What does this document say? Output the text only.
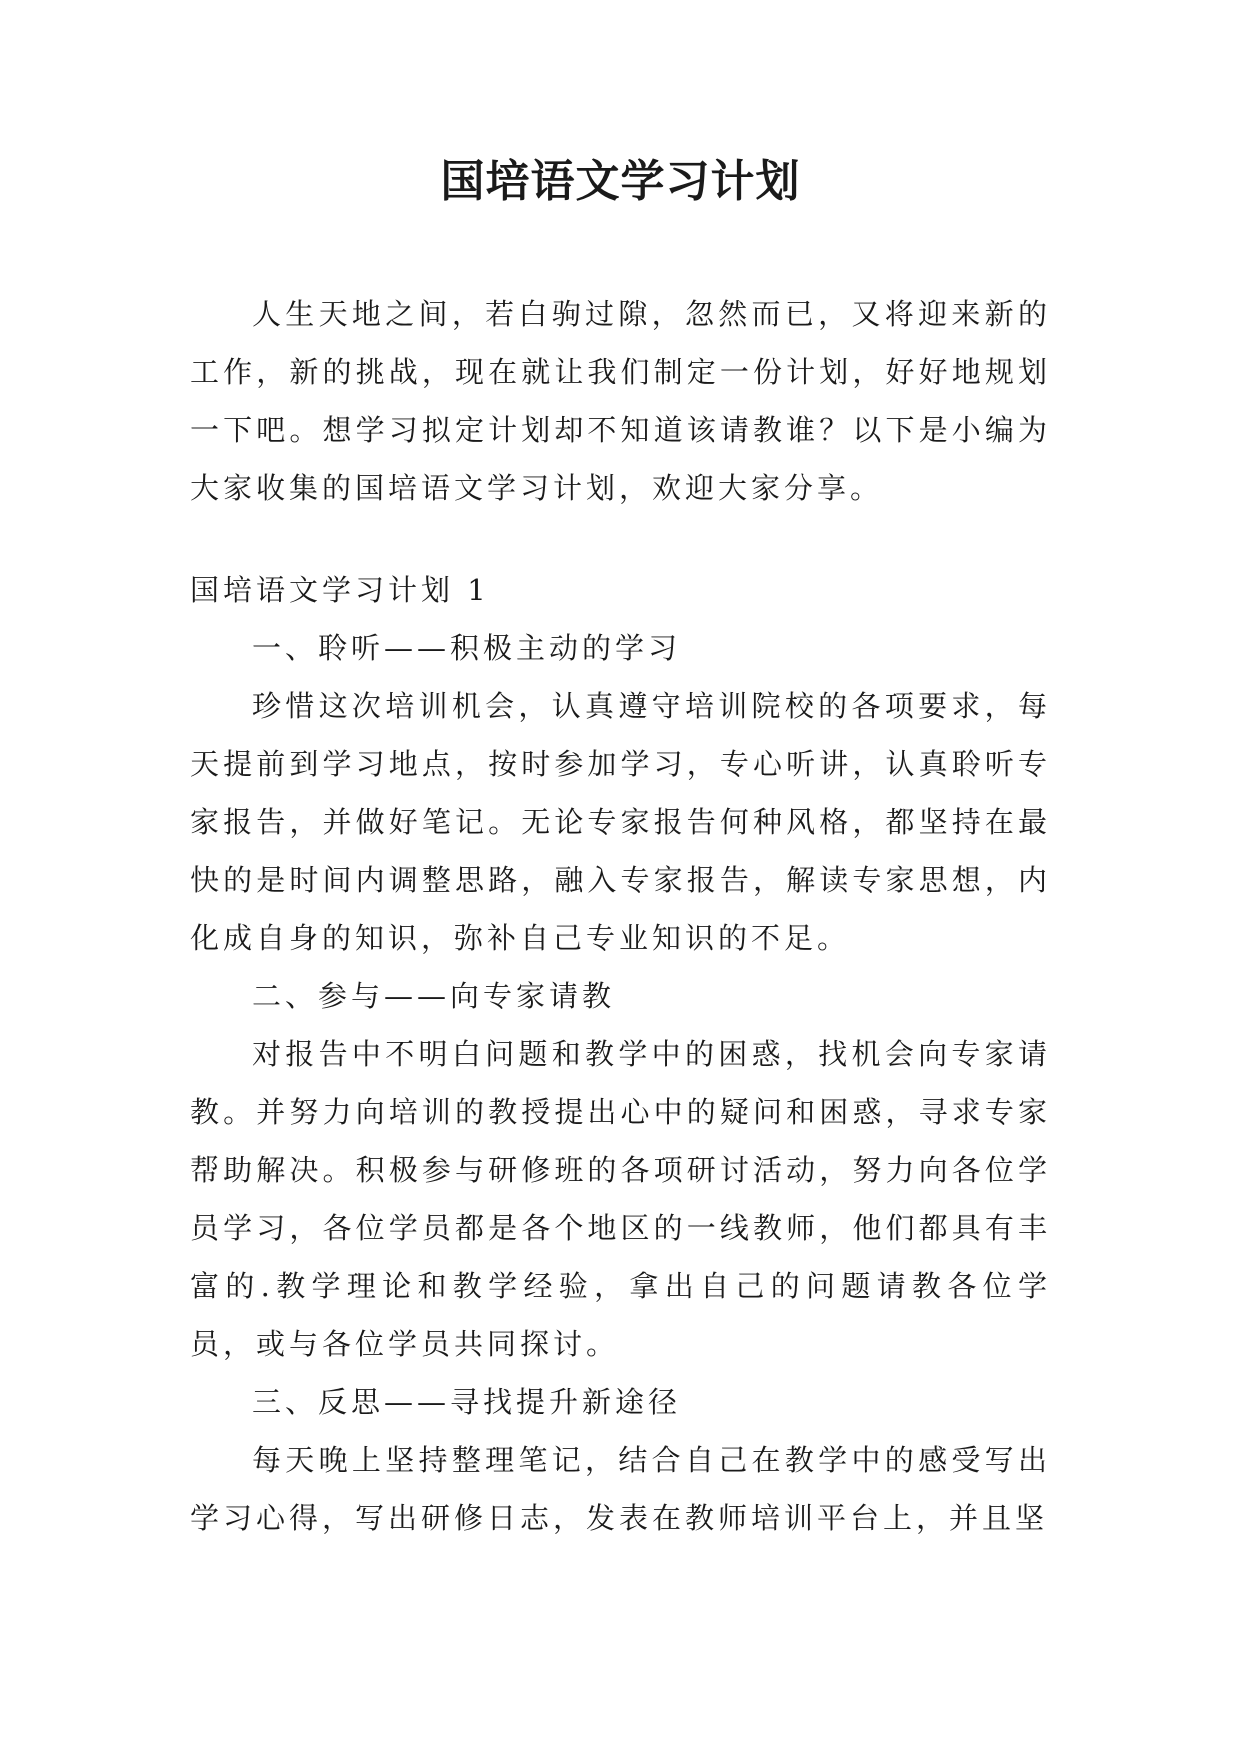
国培语文学习计划

人生天地之间，若白驹过隙，忽然而已，又将迎来新的工作，新的挑战，现在就让我们制定一份计划，好好地规划一下吧。想学习拟定计划却不知道该请教谁？以下是小编为大家收集的国培语文学习计划，欢迎大家分享。

国培语文学习计划 1

一、聆听——积极主动的学习

珍惜这次培训机会，认真遵守培训院校的各项要求，每天提前到学习地点，按时参加学习，专心听讲，认真聆听专家报告，并做好笔记。无论专家报告何种风格，都坚持在最快的是时间内调整思路，融入专家报告，解读专家思想，内化成自身的知识，弥补自己专业知识的不足。

二、参与——向专家请教

对报告中不明白问题和教学中的困惑，找机会向专家请教。并努力向培训的教授提出心中的疑问和困惑，寻求专家帮助解决。积极参与研修班的各项研讨活动，努力向各位学员学习，各位学员都是各个地区的一线教师，他们都具有丰富的.教学理论和教学经验，拿出自己的问题请教各位学员，或与各位学员共同探讨。

三、反思——寻找提升新途径

每天晚上坚持整理笔记，结合自己在教学中的感受写出学习心得，写出研修日志，发表在教师培训平台上，并且坚
